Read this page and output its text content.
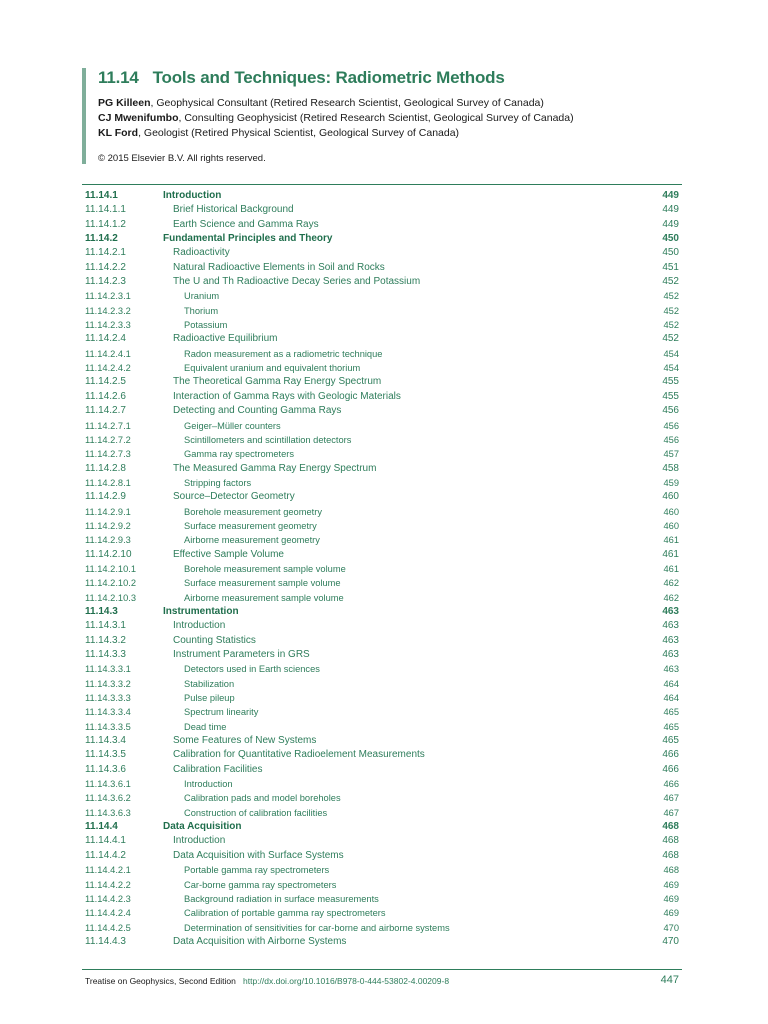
11.14 Tools and Techniques: Radiometric Methods
PG Killeen, Geophysical Consultant (Retired Research Scientist, Geological Survey of Canada)
CJ Mwenifumbo, Consulting Geophysicist (Retired Research Scientist, Geological Survey of Canada)
KL Ford, Geologist (Retired Physical Scientist, Geological Survey of Canada)
© 2015 Elsevier B.V. All rights reserved.
11.14.1	Introduction	449
11.14.1.1	Brief Historical Background	449
11.14.1.2	Earth Science and Gamma Rays	449
11.14.2	Fundamental Principles and Theory	450
11.14.2.1	Radioactivity	450
11.14.2.2	Natural Radioactive Elements in Soil and Rocks	451
11.14.2.3	The U and Th Radioactive Decay Series and Potassium	452
11.14.2.3.1	Uranium	452
11.14.2.3.2	Thorium	452
11.14.2.3.3	Potassium	452
11.14.2.4	Radioactive Equilibrium	452
11.14.2.4.1	Radon measurement as a radiometric technique	454
11.14.2.4.2	Equivalent uranium and equivalent thorium	454
11.14.2.5	The Theoretical Gamma Ray Energy Spectrum	455
11.14.2.6	Interaction of Gamma Rays with Geologic Materials	455
11.14.2.7	Detecting and Counting Gamma Rays	456
11.14.2.7.1	Geiger–Müller counters	456
11.14.2.7.2	Scintillometers and scintillation detectors	456
11.14.2.7.3	Gamma ray spectrometers	457
11.14.2.8	The Measured Gamma Ray Energy Spectrum	458
11.14.2.8.1	Stripping factors	459
11.14.2.9	Source–Detector Geometry	460
11.14.2.9.1	Borehole measurement geometry	460
11.14.2.9.2	Surface measurement geometry	460
11.14.2.9.3	Airborne measurement geometry	461
11.14.2.10	Effective Sample Volume	461
11.14.2.10.1	Borehole measurement sample volume	461
11.14.2.10.2	Surface measurement sample volume	462
11.14.2.10.3	Airborne measurement sample volume	462
11.14.3	Instrumentation	463
11.14.3.1	Introduction	463
11.14.3.2	Counting Statistics	463
11.14.3.3	Instrument Parameters in GRS	463
11.14.3.3.1	Detectors used in Earth sciences	463
11.14.3.3.2	Stabilization	464
11.14.3.3.3	Pulse pileup	464
11.14.3.3.4	Spectrum linearity	465
11.14.3.3.5	Dead time	465
11.14.3.4	Some Features of New Systems	465
11.14.3.5	Calibration for Quantitative Radioelement Measurements	466
11.14.3.6	Calibration Facilities	466
11.14.3.6.1	Introduction	466
11.14.3.6.2	Calibration pads and model boreholes	467
11.14.3.6.3	Construction of calibration facilities	467
11.14.4	Data Acquisition	468
11.14.4.1	Introduction	468
11.14.4.2	Data Acquisition with Surface Systems	468
11.14.4.2.1	Portable gamma ray spectrometers	468
11.14.4.2.2	Car-borne gamma ray spectrometers	469
11.14.4.2.3	Background radiation in surface measurements	469
11.14.4.2.4	Calibration of portable gamma ray spectrometers	469
11.14.4.2.5	Determination of sensitivities for car-borne and airborne systems	470
11.14.4.3	Data Acquisition with Airborne Systems	470
Treatise on Geophysics, Second Edition http://dx.doi.org/10.1016/B978-0-444-53802-4.00209-8	447
